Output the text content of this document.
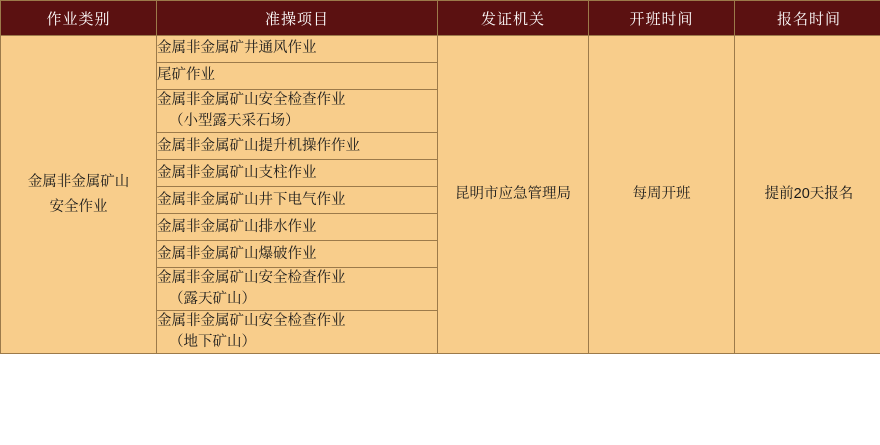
作业类别	准操项目	发证机关	开班时间	报名时间
金属非金属矿山
安全作业	金属非金属矿井通风作业	昆明市应急管理局	每周开班	提前20天报名
	尾矿作业			
	金属非金属矿山安全检查作业
（小型露天采石场）			

	金属非金属矿山提升机操作作业			
	金属非金属矿山支柱作业			
	金属非金属矿山井下电气作业			
	金属非金属矿山排水作业			
	金属非金属矿山爆破作业			
	金属非金属矿山安全检查作业
（露天矿山）			

	金属非金属矿山安全检查作业
（地下矿山）			
